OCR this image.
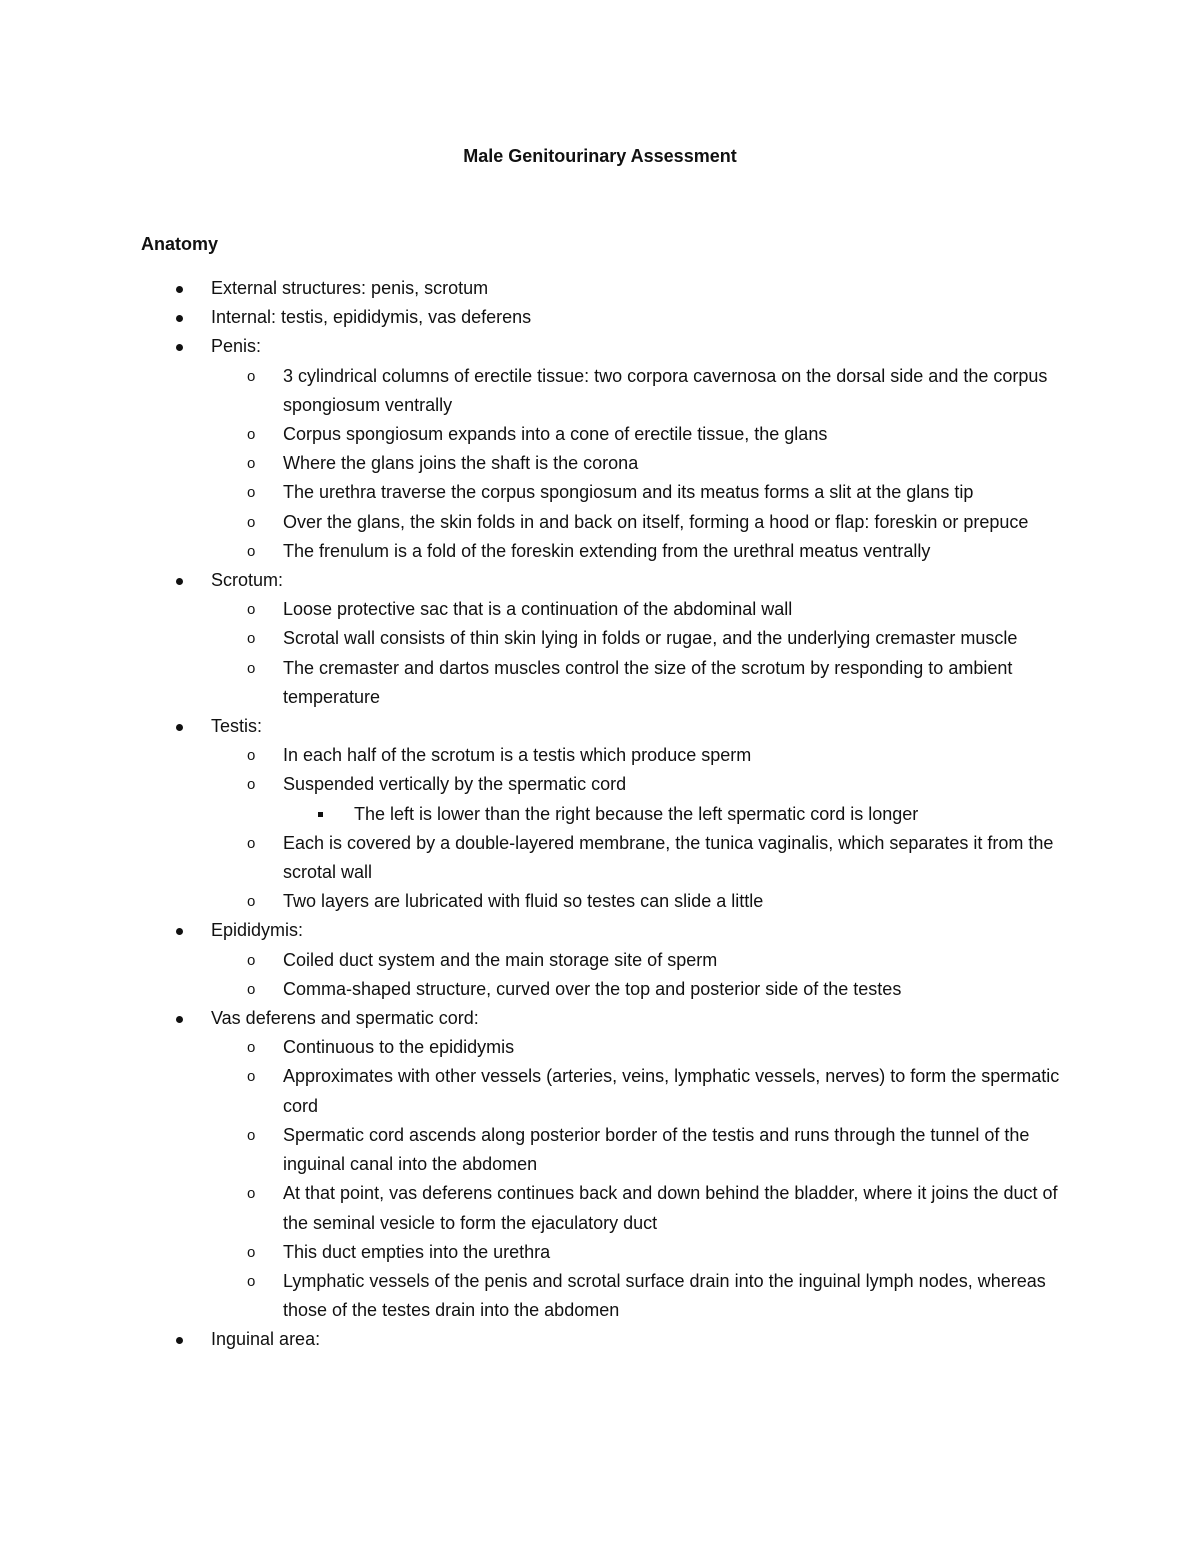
Male Genitourinary Assessment
Anatomy
External structures: penis, scrotum
Internal: testis, epididymis, vas deferens
Penis:
o	3 cylindrical columns of erectile tissue: two corpora cavernosa on the dorsal side and the corpus spongiosum ventrally
o	Corpus spongiosum expands into a cone of erectile tissue, the glans
o	Where the glans joins the shaft is the corona
o	The urethra traverse the corpus spongiosum and its meatus forms a slit at the glans tip
o	Over the glans, the skin folds in and back on itself, forming a hood or flap: foreskin or prepuce
o	The frenulum is a fold of the foreskin extending from the urethral meatus ventrally
Scrotum:
o	Loose protective sac that is a continuation of the abdominal wall
o	Scrotal wall consists of thin skin lying in folds or rugae, and the underlying cremaster muscle
o	The cremaster and dartos muscles control the size of the scrotum by responding to ambient temperature
Testis:
o	In each half of the scrotum is a testis which produce sperm
o	Suspended vertically by the spermatic cord
The left is lower than the right because the left spermatic cord is longer
o	Each is covered by a double-layered membrane, the tunica vaginalis, which separates it from the scrotal wall
o	Two layers are lubricated with fluid so testes can slide a little
Epididymis:
o	Coiled duct system and the main storage site of sperm
o	Comma-shaped structure, curved over the top and posterior side of the testes
Vas deferens and spermatic cord:
o	Continuous to the epididymis
o	Approximates with other vessels (arteries, veins, lymphatic vessels, nerves) to form the spermatic cord
o	Spermatic cord ascends along posterior border of the testis and runs through the tunnel of the inguinal canal into the abdomen
o	At that point, vas deferens continues back and down behind the bladder, where it joins the duct of the seminal vesicle to form the ejaculatory duct
o	This duct empties into the urethra
o	Lymphatic vessels of the penis and scrotal surface drain into the inguinal lymph nodes, whereas those of the testes drain into the abdomen
Inguinal area:
